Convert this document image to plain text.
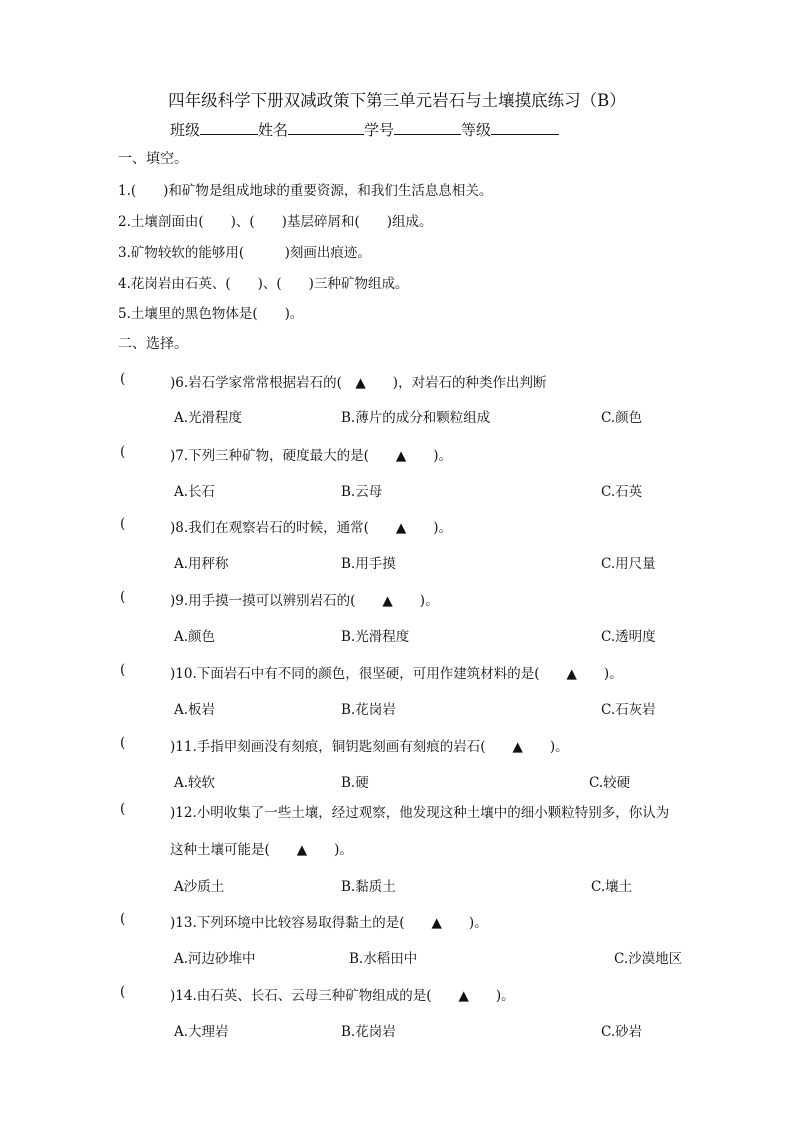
四年级科学下册双减政策下第三单元岩石与土壤摸底练习（B）
班级	姓名	学号	等级
一、填空。
1.(　　)和矿物是组成地球的重要资源，和我们生活息息相关。
2.土壤剖面由(　　)、(　　)基层碎屑和(　　)组成。
3.矿物较软的能够用(　　　)刻画出痕迹。
4.花岗岩由石英、(　　)、(　　)三种矿物组成。
5.土壤里的黑色物体是(　　)。
二、选择。
(	)6.岩石学家常常根据岩石的(　▲　　)，对岩石的种类作出判断
A.光滑程度	B.薄片的成分和颗粒组成	C.颜色
(	)7.下列三种矿物，硬度最大的是(　　▲　　)。
A.长石	B.云母	C.石英
(	)8.我们在观察岩石的时候，通常(　　▲　　)。
A.用秤称	B.用手摸	C.用尺量
(	)9.用手摸一摸可以辨别岩石的(　　▲　　)。
A.颜色	B.光滑程度	C.透明度
(	)10.下面岩石中有不同的颜色，很坚硬，可用作建筑材料的是(　　▲　　)。
A.板岩	B.花岗岩	C.石灰岩
(	)11.手指甲刻画没有刻痕，铜钥匙刻画有刻痕的岩石(　　▲　　)。
A.较软	B.硬	C.较硬
(	)12.小明收集了一些土壤，经过观察，他发现这种土壤中的细小颗粒特别多，你认为
这种土壤可能是(　　▲　　)。
A沙质土	B.黏质土	C.壤土
(	)13.下列环境中比较容易取得黏土的是(　　▲　　)。
A.河边砂堆中	B.水稻田中	C.沙漠地区
(	)14.由石英、长石、云母三种矿物组成的是(　　▲　　)。
A.大理岩	B.花岗岩	C.砂岩
